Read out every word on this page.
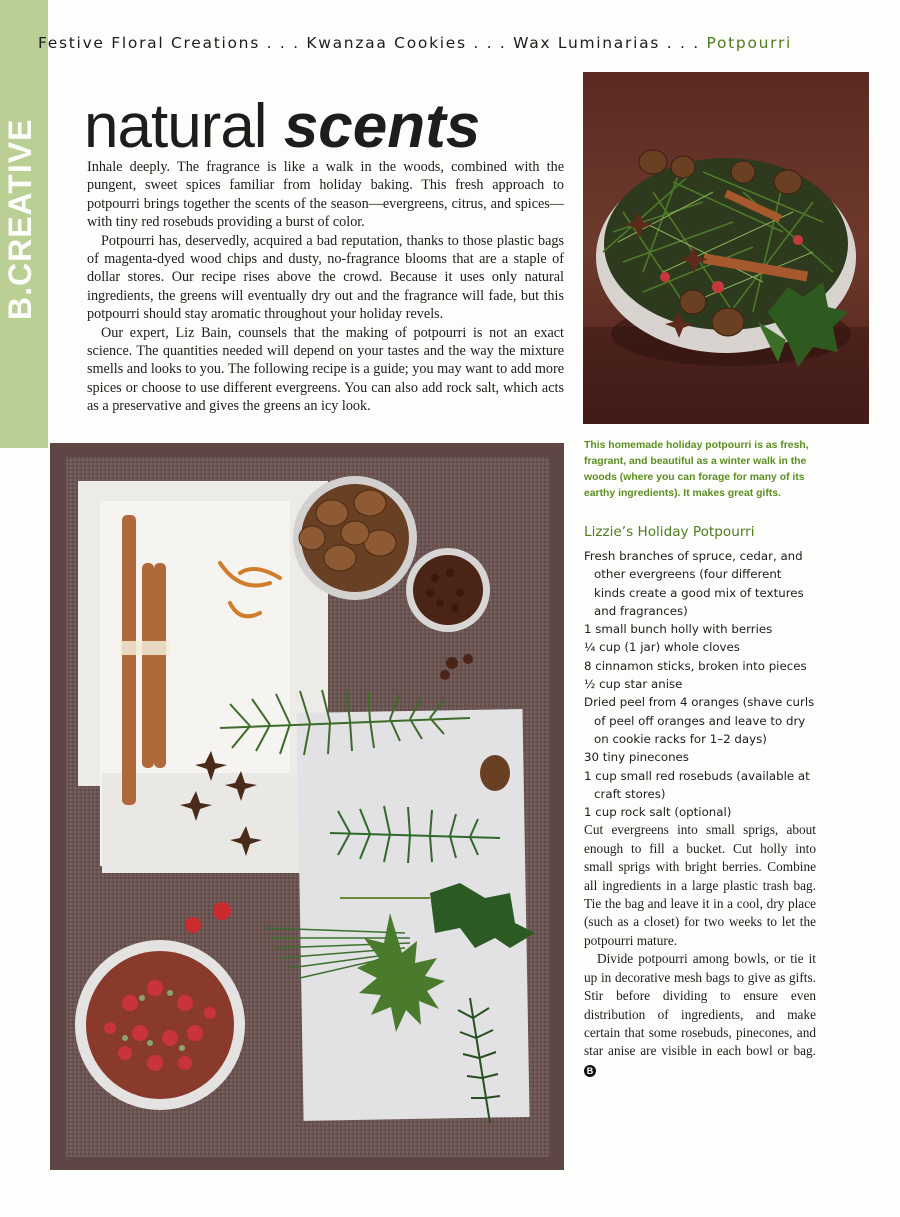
B.CREATIVE
Festive Floral Creations . . . Kwanzaa Cookies . . . Wax Luminarias . . . Potpourri
natural scents

Inhale deeply. The fragrance is like a walk in the woods, combined with the pungent, sweet spices familiar from holiday baking. This fresh approach to potpourri brings together the scents of the season—evergreens, citrus, and spices—with tiny red rosebuds providing a burst of color.

Potpourri has, deservedly, acquired a bad reputation, thanks to those plastic bags of magenta-dyed wood chips and dusty, no-fragrance blooms that are a staple of dollar stores. Our recipe rises above the crowd. Because it uses only natural ingredients, the greens will eventually dry out and the fragrance will fade, but this potpourri should stay aromatic throughout your holiday revels.

Our expert, Liz Bain, counsels that the making of potpourri is not an exact science. The quantities needed will depend on your tastes and the way the mixture smells and looks to you. The following recipe is a guide; you may want to add more spices or choose to use different evergreens. You can also add rock salt, which acts as a preservative and gives the greens an icy look.

This homemade holiday potpourri is as fresh, fragrant, and beautiful as a winter walk in the woods (where you can forage for many of its earthy ingredients). It makes great gifts.
Lizzie’s Holiday Potpourri
Fresh branches of spruce, cedar, and other evergreens (four different kinds create a good mix of textures and fragrances)
1 small bunch holly with berries
¼ cup (1 jar) whole cloves
8 cinnamon sticks, broken into pieces
½ cup star anise
Dried peel from 4 oranges (shave curls of peel off oranges and leave to dry on cookie racks for 1–2 days)
30 tiny pinecones
1 cup small red rosebuds (available at craft stores)
1 cup rock salt (optional)

Cut evergreens into small sprigs, about enough to fill a bucket. Cut holly into small sprigs with bright berries. Combine all ingredients in a large plastic trash bag. Tie the bag and leave it in a cool, dry place (such as a closet) for two weeks to let the potpourri mature.

Divide potpourri among bowls, or tie it up in decorative mesh bags to give as gifts. Stir before dividing to ensure even distribution of ingredients, and make certain that some rosebuds, pinecones, and star anise are visible in each bowl or bag. B
